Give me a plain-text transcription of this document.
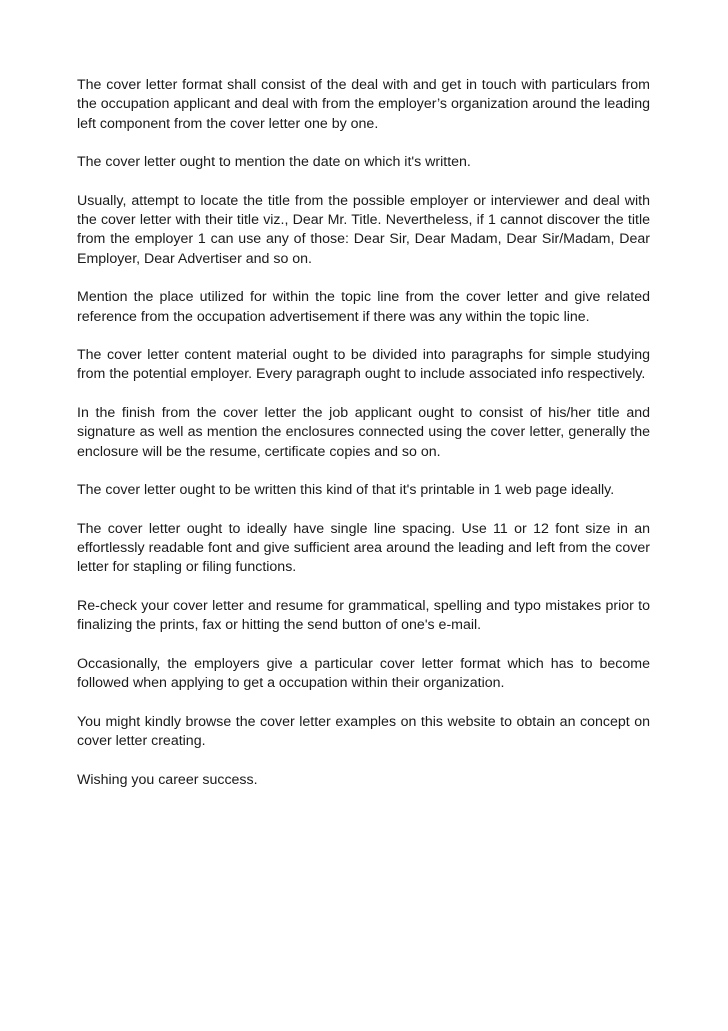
The cover letter format shall consist of the deal with and get in touch with particulars from the occupation applicant and deal with from the employer’s organization around the leading left component from the cover letter one by one.

The cover letter ought to mention the date on which it's written.

Usually, attempt to locate the title from the possible employer or interviewer and deal with the cover letter with their title viz., Dear Mr. Title. Nevertheless, if 1 cannot discover the title from the employer 1 can use any of those: Dear Sir, Dear Madam, Dear Sir/Madam, Dear Employer, Dear Advertiser and so on.

Mention the place utilized for within the topic line from the cover letter and give related reference from the occupation advertisement if there was any within the topic line.

The cover letter content material ought to be divided into paragraphs for simple studying from the potential employer. Every paragraph ought to include associated info respectively.

In the finish from the cover letter the job applicant ought to consist of his/her title and signature as well as mention the enclosures connected using the cover letter, generally the enclosure will be the resume, certificate copies and so on.

The cover letter ought to be written this kind of that it's printable in 1 web page ideally.

The cover letter ought to ideally have single line spacing. Use 11 or 12 font size in an effortlessly readable font and give sufficient area around the leading and left from the cover letter for stapling or filing functions.

Re-check your cover letter and resume for grammatical, spelling and typo mistakes prior to finalizing the prints, fax or hitting the send button of one's e-mail.

Occasionally, the employers give a particular cover letter format which has to become followed when applying to get a occupation within their organization.

You might kindly browse the cover letter examples on this website to obtain an concept on cover letter creating.

Wishing you career success.
